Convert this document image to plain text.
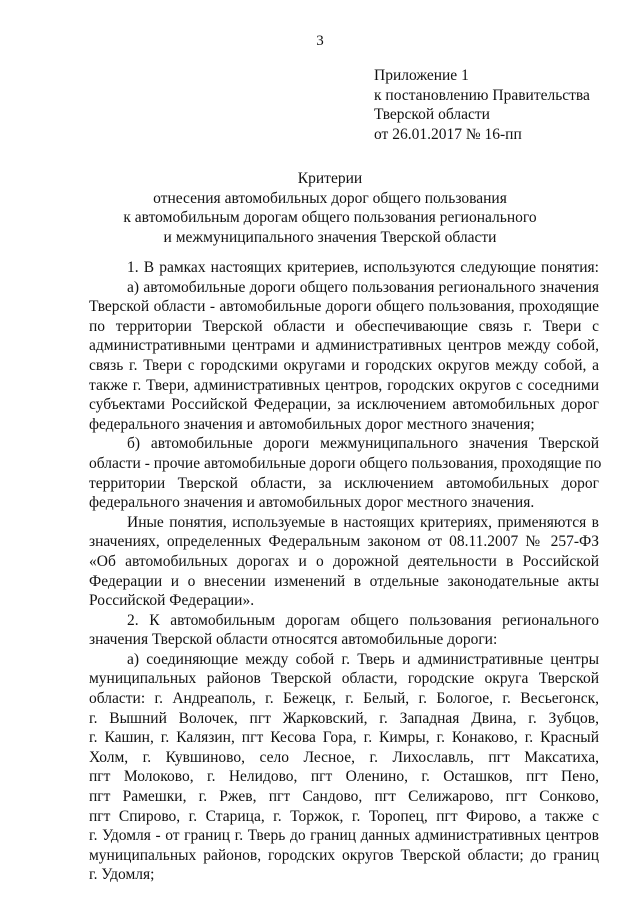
3
Приложение 1
к постановлению Правительства
Тверской области
от 26.01.2017 № 16-пп
Критерии
отнесения автомобильных дорог общего пользования
к автомобильным дорогам общего пользования регионального
и межмуниципального значения Тверской области
1. В рамках настоящих критериев, используются следующие понятия:
а) автомобильные дороги общего пользования регионального значения
Тверской области - автомобильные дороги общего пользования, проходящие
по территории Тверской области и обеспечивающие связь г. Твери с
административными центрами и административных центров между собой,
связь г. Твери с городскими округами и городских округов между собой, а
также г. Твери, административных центров, городских округов с соседними
субъектами Российской Федерации, за исключением автомобильных дорог
федерального значения и автомобильных дорог местного значения;
б) автомобильные дороги межмуниципального значения Тверской
области - прочие автомобильные дороги общего пользования, проходящие по
территории Тверской области, за исключением автомобильных дорог
федерального значения и автомобильных дорог местного значения.
Иные понятия, используемые в настоящих критериях, применяются в
значениях, определенных Федеральным законом от 08.11.2007 № 257-ФЗ
«Об автомобильных дорогах и о дорожной деятельности в Российской
Федерации и о внесении изменений в отдельные законодательные акты
Российской Федерации».
2. К автомобильным дорогам общего пользования регионального
значения Тверской области относятся автомобильные дороги:
а) соединяющие между собой г. Тверь и административные центры
муниципальных районов Тверской области, городские округа Тверской
области: г. Андреаполь, г. Бежецк, г. Белый, г. Бологое, г. Весьегонск,
г. Вышний Волочек, пгт Жарковский, г. Западная Двина, г. Зубцов,
г. Кашин, г. Калязин, пгт Кесова Гора, г. Кимры, г. Конаково, г. Красный
Холм, г. Кувшиново, село Лесное, г. Лихославль, пгт Максатиха,
пгт Молоково, г. Нелидово, пгт Оленино, г. Осташков, пгт Пено,
пгт Рамешки, г. Ржев, пгт Сандово, пгт Селижарово, пгт Сонково,
пгт Спирово, г. Старица, г. Торжок, г. Торопец, пгт Фирово, а также с
г. Удомля - от границ г. Тверь до границ данных административных центров
муниципальных районов, городских округов Тверской области; до границ
г. Удомля;
